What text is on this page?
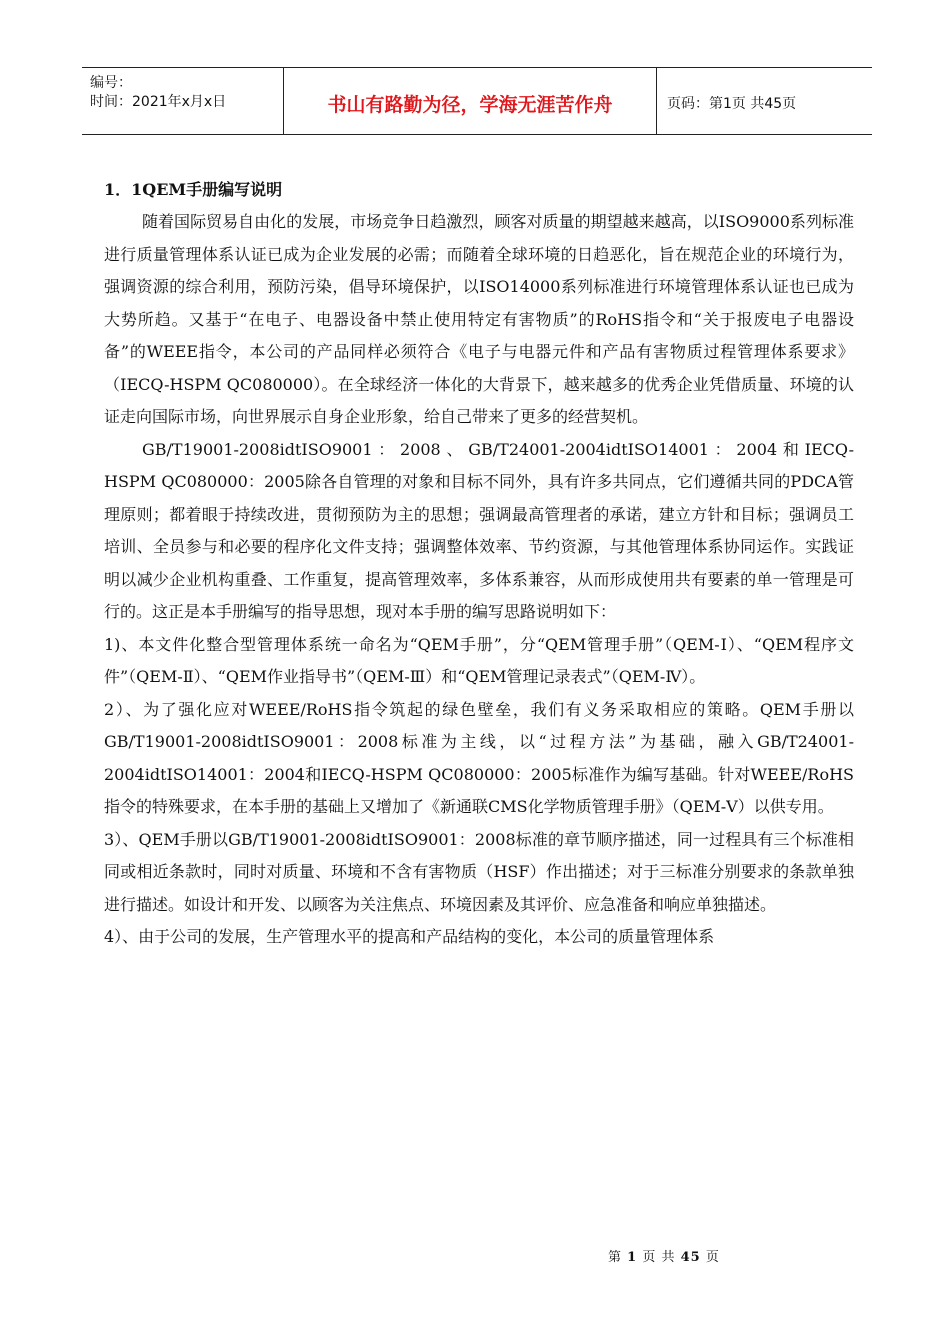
编号：
时间：2021年x月x日	书山有路勤为径，学海无涯苦作舟	页码：第1页 共45页
1．1QEM手册编写说明

随着国际贸易自由化的发展，市场竞争日趋激烈，顾客对质量的期望越来越高，以ISO9000系列标准进行质量管理体系认证已成为企业发展的必需；而随着全球环境的日趋恶化，旨在规范企业的环境行为，强调资源的综合利用，预防污染，倡导环境保护，以ISO14000系列标准进行环境管理体系认证也已成为大势所趋。又基于“在电子、电器设备中禁止使用特定有害物质”的RoHS指令和“关于报废电子电器设备”的WEEE指令，本公司的产品同样必须符合《电子与电器元件和产品有害物质过程管理体系要求》（IECQ-HSPM QC080000）。在全球经济一体化的大背景下，越来越多的优秀企业凭借质量、环境的认证走向国际市场，向世界展示自身企业形象，给自己带来了更多的经营契机。

GB/T19001-2008idtISO9001：2008、GB/T24001-2004idtISO14001：2004和IECQ-HSPM QC080000：2005除各自管理的对象和目标不同外，具有许多共同点，它们遵循共同的PDCA管理原则；都着眼于持续改进，贯彻预防为主的思想；强调最高管理者的承诺，建立方针和目标；强调员工培训、全员参与和必要的程序化文件支持；强调整体效率、节约资源，与其他管理体系协同运作。实践证明以减少企业机构重叠、工作重复，提高管理效率，多体系兼容，从而形成使用共有要素的单一管理是可行的。这正是本手册编写的指导思想，现对本手册的编写思路说明如下：

1)、本文件化整合型管理体系统一命名为“QEM手册”，分“QEM管理手册”（QEM-Ⅰ）、“QEM程序文件”（QEM-Ⅱ）、“QEM作业指导书”（QEM-Ⅲ）和“QEM管理记录表式”（QEM-Ⅳ）。

2）、为了强化应对WEEE/RoHS指令筑起的绿色壁垒，我们有义务采取相应的策略。QEM手册以GB/T19001-2008idtISO9001：2008标准为主线，以“过程方法”为基础，融入GB/T24001-2004idtISO14001：2004和IECQ-HSPM QC080000：2005标准作为编写基础。针对WEEE/RoHS指令的特殊要求，在本手册的基础上又增加了《新通联CMS化学物质管理手册》（QEM-Ⅴ）以供专用。

3）、QEM手册以GB/T19001-2008idtISO9001：2008标准的章节顺序描述，同一过程具有三个标准相同或相近条款时，同时对质量、环境和不含有害物质（HSF）作出描述；对于三标准分别要求的条款单独进行描述。如设计和开发、以顾客为关注焦点、环境因素及其评价、应急准备和响应单独描述。

4）、由于公司的发展，生产管理水平的提高和产品结构的变化，本公司的质量管理体系

第 1 页 共 45 页
